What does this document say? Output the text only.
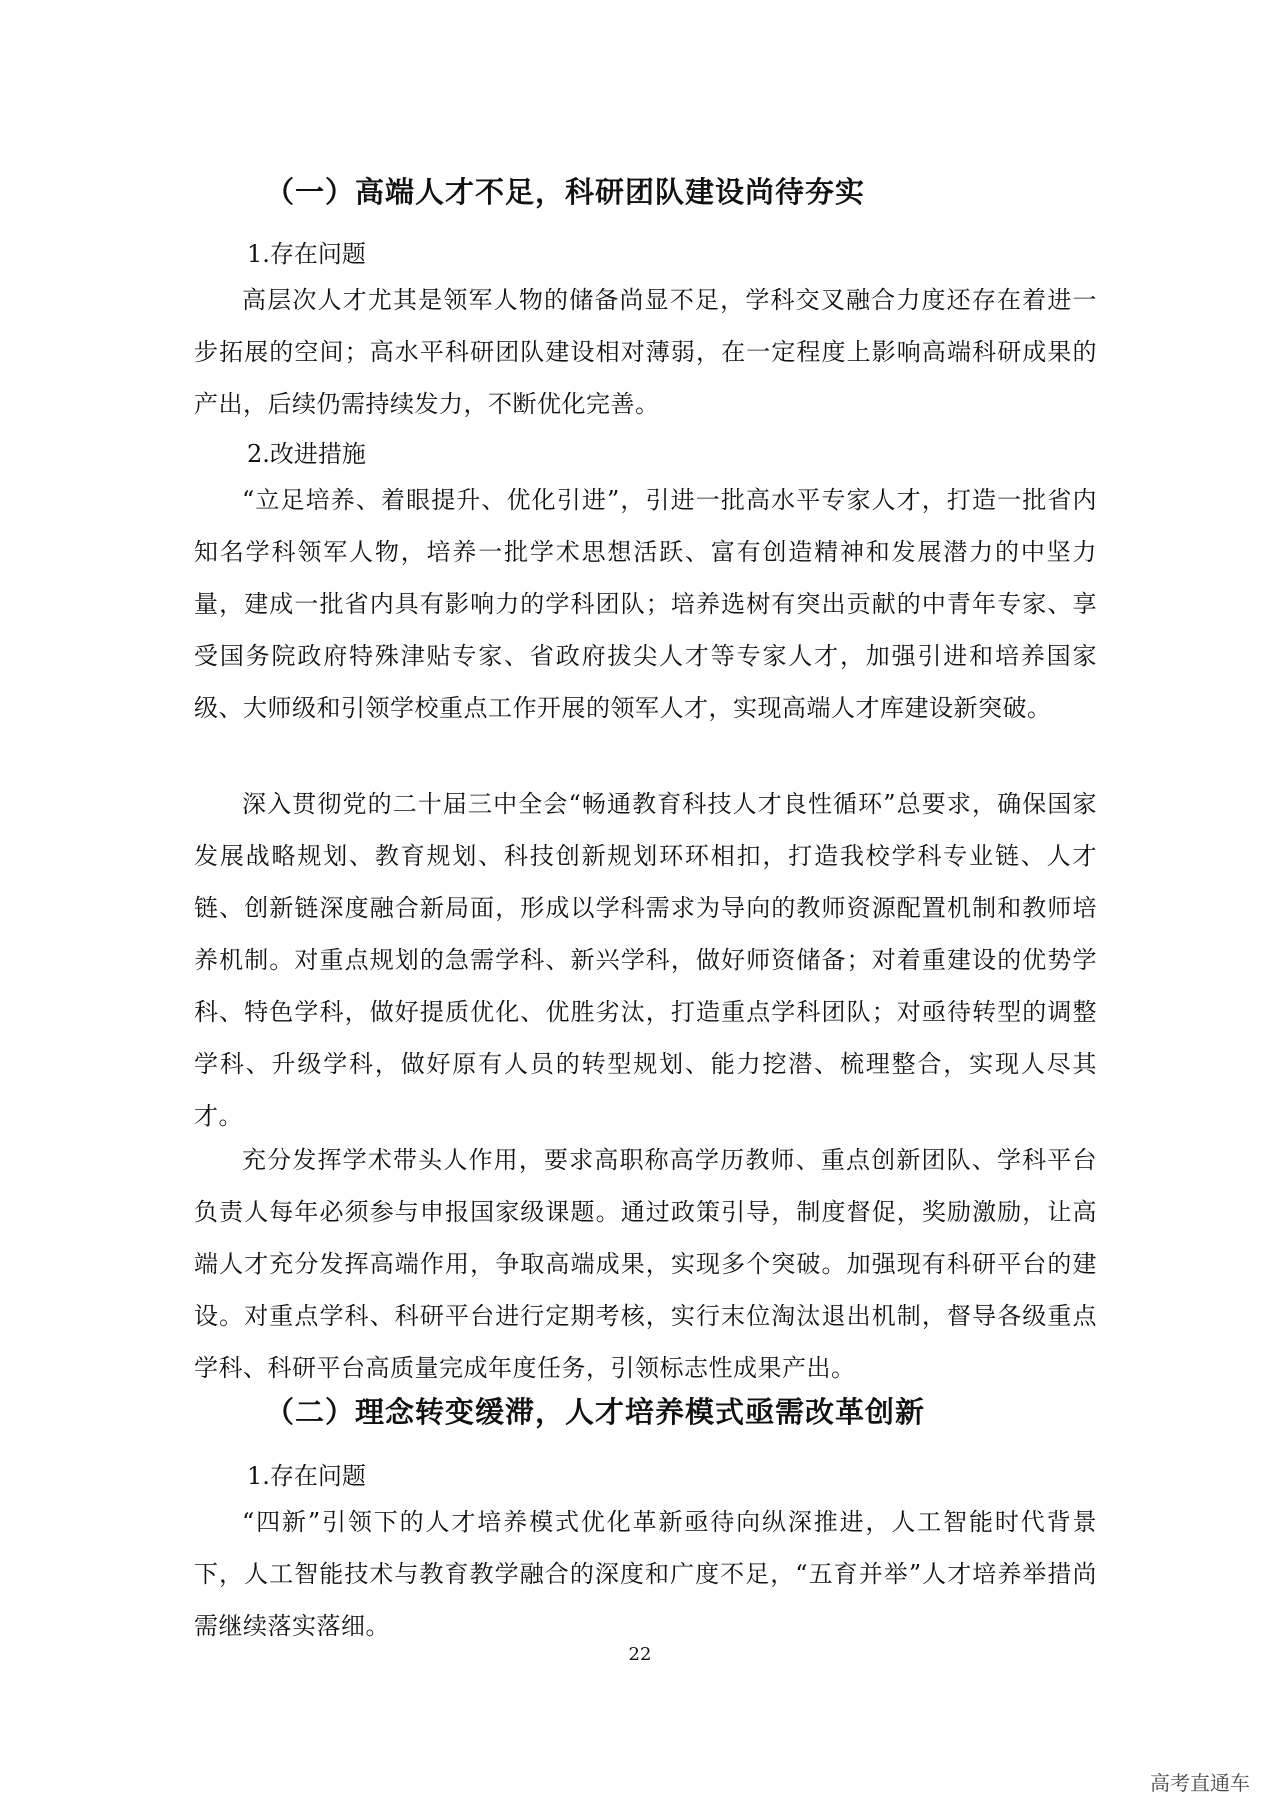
（一）高端人才不足，科研团队建设尚待夯实

1.存在问题

高层次人才尤其是领军人物的储备尚显不足，学科交叉融合力度还存在着进一步拓展的空间；高水平科研团队建设相对薄弱，在一定程度上影响高端科研成果的产出，后续仍需持续发力，不断优化完善。

2.改进措施

“立足培养、着眼提升、优化引进”，引进一批高水平专家人才，打造一批省内知名学科领军人物，培养一批学术思想活跃、富有创造精神和发展潜力的中坚力量，建成一批省内具有影响力的学科团队；培养选树有突出贡献的中青年专家、享受国务院政府特殊津贴专家、省政府拔尖人才等专家人才，加强引进和培养国家级、大师级和引领学校重点工作开展的领军人才，实现高端人才库建设新突破。

深入贯彻党的二十届三中全会“畅通教育科技人才良性循环”总要求，确保国家发展战略规划、教育规划、科技创新规划环环相扣，打造我校学科专业链、人才链、创新链深度融合新局面，形成以学科需求为导向的教师资源配置机制和教师培养机制。对重点规划的急需学科、新兴学科，做好师资储备；对着重建设的优势学科、特色学科，做好提质优化、优胜劣汰，打造重点学科团队；对亟待转型的调整学科、升级学科，做好原有人员的转型规划、能力挖潜、梳理整合，实现人尽其才。

充分发挥学术带头人作用，要求高职称高学历教师、重点创新团队、学科平台负责人每年必须参与申报国家级课题。通过政策引导，制度督促，奖励激励，让高端人才充分发挥高端作用，争取高端成果，实现多个突破。加强现有科研平台的建设。对重点学科、科研平台进行定期考核，实行末位淘汰退出机制，督导各级重点学科、科研平台高质量完成年度任务，引领标志性成果产出。

（二）理念转变缓滞，人才培养模式亟需改革创新

1.存在问题

“四新”引领下的人才培养模式优化革新亟待向纵深推进，人工智能时代背景下，人工智能技术与教育教学融合的深度和广度不足，“五育并举”人才培养举措尚需继续落实落细。

22

高考直通车
